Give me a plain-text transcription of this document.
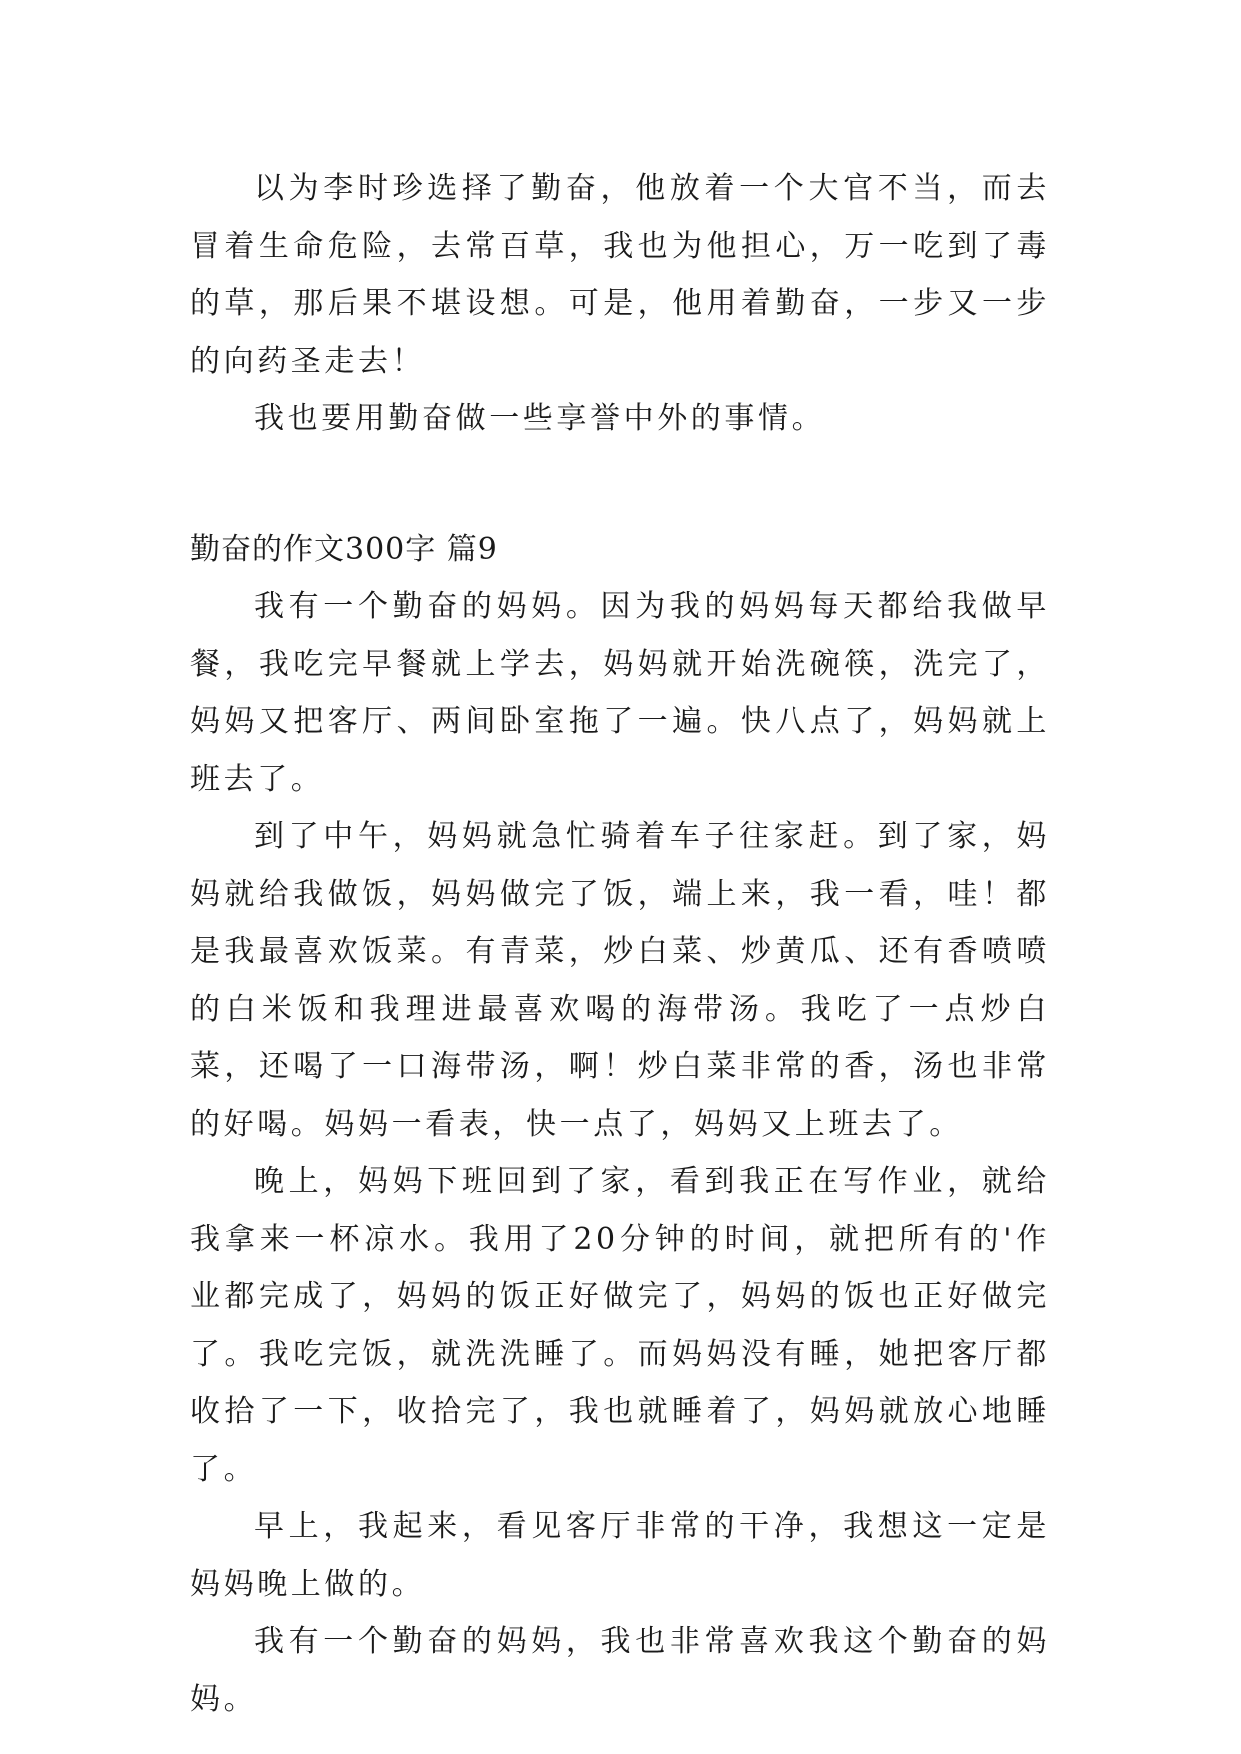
以为李时珍选择了勤奋，他放着一个大官不当，而去冒着生命危险，去常百草，我也为他担心，万一吃到了毒的草，那后果不堪设想。可是，他用着勤奋，一步又一步的向药圣走去！

我也要用勤奋做一些享誉中外的事情。

勤奋的作文300字 篇9

我有一个勤奋的妈妈。因为我的妈妈每天都给我做早餐，我吃完早餐就上学去，妈妈就开始洗碗筷，洗完了，妈妈又把客厅、两间卧室拖了一遍。快八点了，妈妈就上班去了。

到了中午，妈妈就急忙骑着车子往家赶。到了家，妈妈就给我做饭，妈妈做完了饭，端上来，我一看，哇！都是我最喜欢饭菜。有青菜，炒白菜、炒黄瓜、还有香喷喷的白米饭和我理进最喜欢喝的海带汤。我吃了一点炒白菜，还喝了一口海带汤，啊！炒白菜非常的香，汤也非常的好喝。妈妈一看表，快一点了，妈妈又上班去了。

晚上，妈妈下班回到了家，看到我正在写作业，就给我拿来一杯凉水。我用了20分钟的时间，就把所有的'作业都完成了，妈妈的饭正好做完了，妈妈的饭也正好做完了。我吃完饭，就洗洗睡了。而妈妈没有睡，她把客厅都收拾了一下，收拾完了，我也就睡着了，妈妈就放心地睡了。

早上，我起来，看见客厅非常的干净，我想这一定是妈妈晚上做的。

我有一个勤奋的妈妈，我也非常喜欢我这个勤奋的妈妈。
